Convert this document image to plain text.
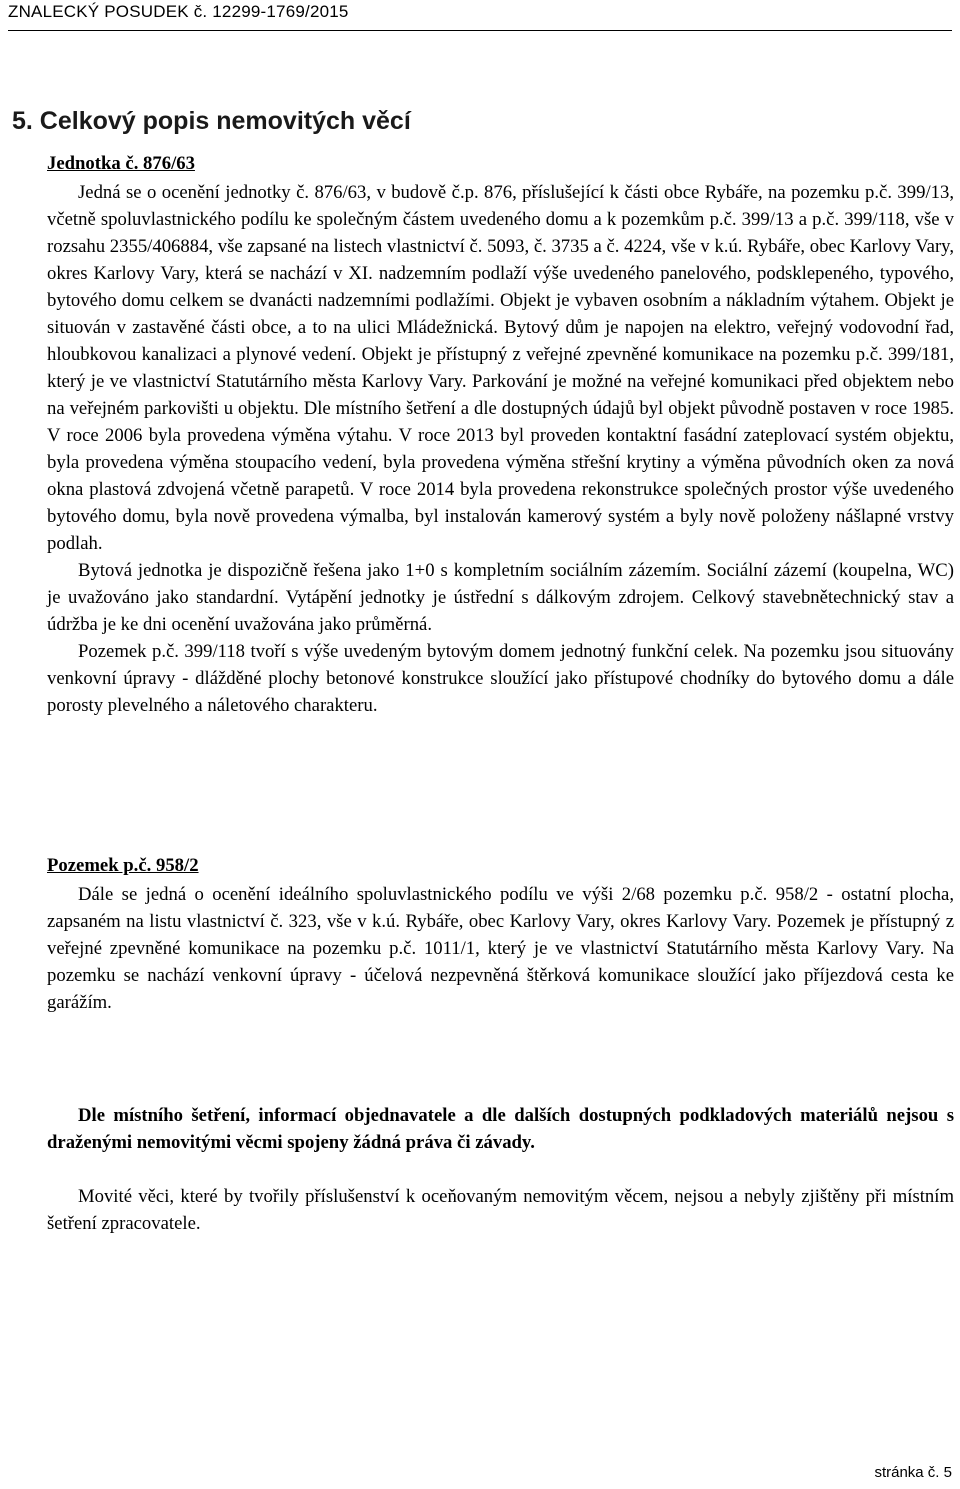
ZNALECKÝ POSUDEK č. 12299-1769/2015
5. Celkový popis nemovitých věcí
Jednotka č. 876/63

Jedná se o ocenění jednotky č. 876/63, v budově č.p. 876, příslušející k části obce Rybáře, na pozemku p.č. 399/13, včetně spoluvlastnického podílu ke společným částem uvedeného domu a k pozemkům p.č. 399/13 a p.č. 399/118, vše v rozsahu 2355/406884, vše zapsané na listech vlastnictví č. 5093, č. 3735 a č. 4224, vše v k.ú. Rybáře, obec Karlovy Vary, okres Karlovy Vary, která se nachází v XI. nadzemním podlaží výše uvedeného panelového, podsklepeného, typového, bytového domu celkem se dvanácti nadzemními podlažími. Objekt je vybaven osobním a nákladním výtahem. Objekt je situován v zastavěné části obce, a to na ulici Mládežnická. Bytový dům je napojen na elektro, veřejný vodovodní řad, hloubkovou kanalizaci a plynové vedení. Objekt je přístupný z veřejné zpevněné komunikace na pozemku p.č. 399/181, který je ve vlastnictví Statutárního města Karlovy Vary. Parkování je možné na veřejné komunikaci před objektem nebo na veřejném parkovišti u objektu. Dle místního šetření a dle dostupných údajů byl objekt původně postaven v roce 1985. V roce 2006 byla provedena výměna výtahu. V roce 2013 byl proveden kontaktní fasádní zateplovací systém objektu, byla provedena výměna stoupacího vedení, byla provedena výměna střešní krytiny a výměna původních oken za nová okna plastová zdvojená včetně parapetů. V roce 2014 byla provedena rekonstrukce společných prostor výše uvedeného bytového domu, byla nově provedena výmalba, byl instalován kamerový systém a byly nově položeny nášlapné vrstvy podlah.

Bytová jednotka je dispozičně řešena jako 1+0 s kompletním sociálním zázemím. Sociální zázemí (koupelna, WC) je uvažováno jako standardní. Vytápění jednotky je ústřední s dálkovým zdrojem. Celkový stavebnětechnický stav a údržba je ke dni ocenění uvažována jako průměrná.

Pozemek p.č. 399/118 tvoří s výše uvedeným bytovým domem jednotný funkční celek. Na pozemku jsou situovány venkovní úpravy - dlážděné plochy betonové konstrukce sloužící jako přístupové chodníky do bytového domu a dále porosty plevelného a náletového charakteru.

Pozemek p.č. 958/2

Dále se jedná o ocenění ideálního spoluvlastnického podílu ve výši 2/68 pozemku p.č. 958/2 - ostatní plocha, zapsaném na listu vlastnictví č. 323, vše v k.ú. Rybáře, obec Karlovy Vary, okres Karlovy Vary. Pozemek je přístupný z veřejné zpevněné komunikace na pozemku p.č. 1011/1, který je ve vlastnictví Statutárního města Karlovy Vary. Na pozemku se nachází venkovní úpravy - účelová nezpevněná štěrková komunikace sloužící jako příjezdová cesta ke garážím.

Dle místního šetření, informací objednavatele a dle dalších dostupných podkladových materiálů nejsou s draženými nemovitými věcmi spojeny žádná práva či závady.

Movité věci, které by tvořily příslušenství k oceňovaným nemovitým věcem, nejsou a nebyly zjištěny při místním šetření zpracovatele.

stránka č. 5
